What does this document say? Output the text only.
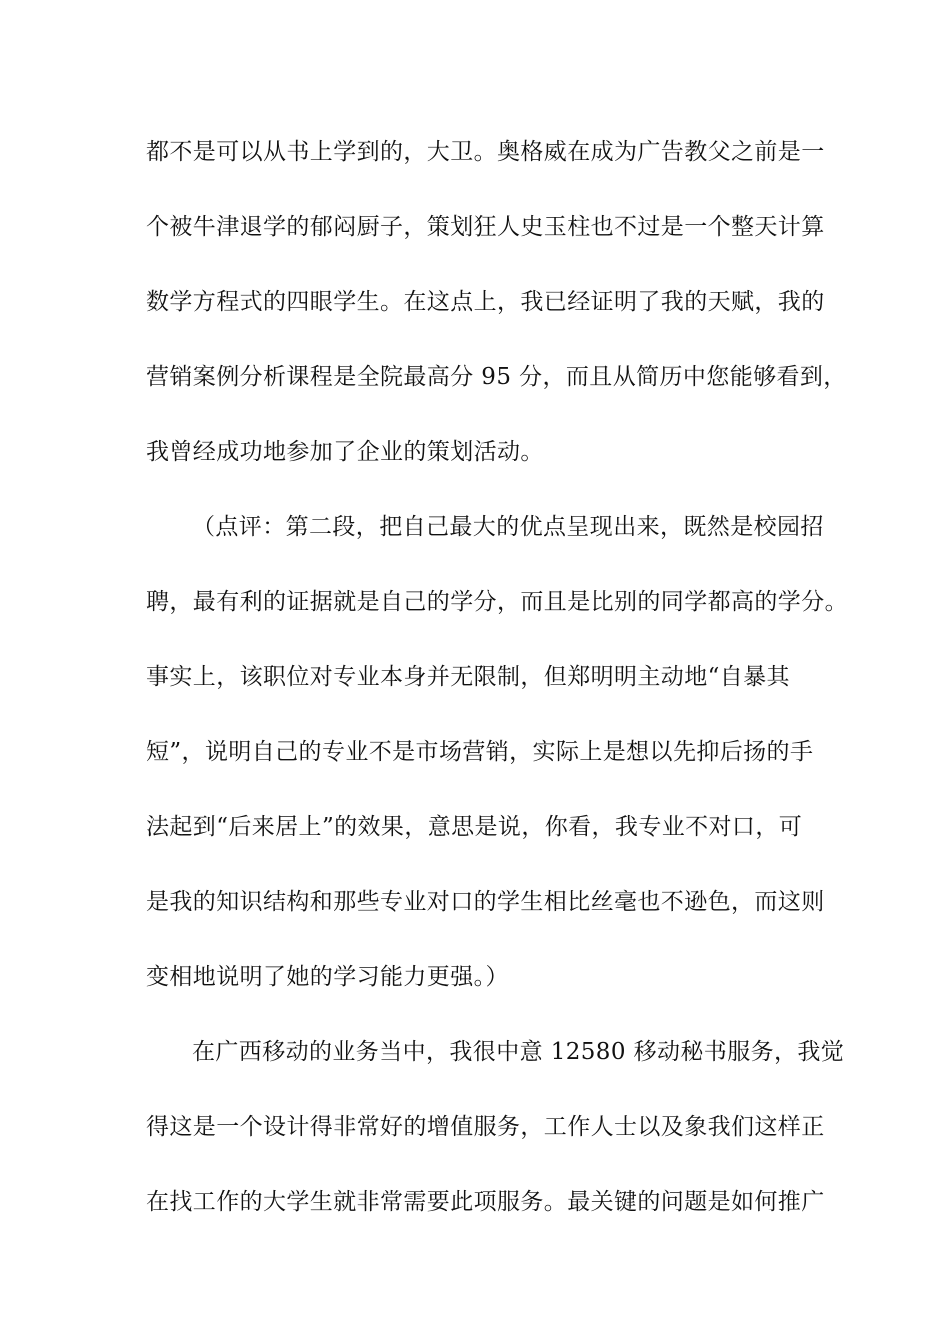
都不是可以从书上学到的，大卫。奥格威在成为广告教父之前是一
个被牛津退学的郁闷厨子，策划狂人史玉柱也不过是一个整天计算
数学方程式的四眼学生。在这点上，我已经证明了我的天赋，我的
营销案例分析课程是全院最高分 95 分，而且从简历中您能够看到，
我曾经成功地参加了企业的策划活动。
（点评：第二段，把自己最大的优点呈现出来，既然是校园招
聘，最有利的证据就是自己的学分，而且是比别的同学都高的学分。
事实上，该职位对专业本身并无限制，但郑明明主动地“自暴其
短”，说明自己的专业不是市场营销，实际上是想以先抑后扬的手
法起到“后来居上”的效果，意思是说，你看，我专业不对口，可
是我的知识结构和那些专业对口的学生相比丝毫也不逊色，而这则
变相地说明了她的学习能力更强。）
在广西移动的业务当中，我很中意 12580 移动秘书服务，我觉
得这是一个设计得非常好的增值服务，工作人士以及象我们这样正
在找工作的大学生就非常需要此项服务。最关键的问题是如何推广
